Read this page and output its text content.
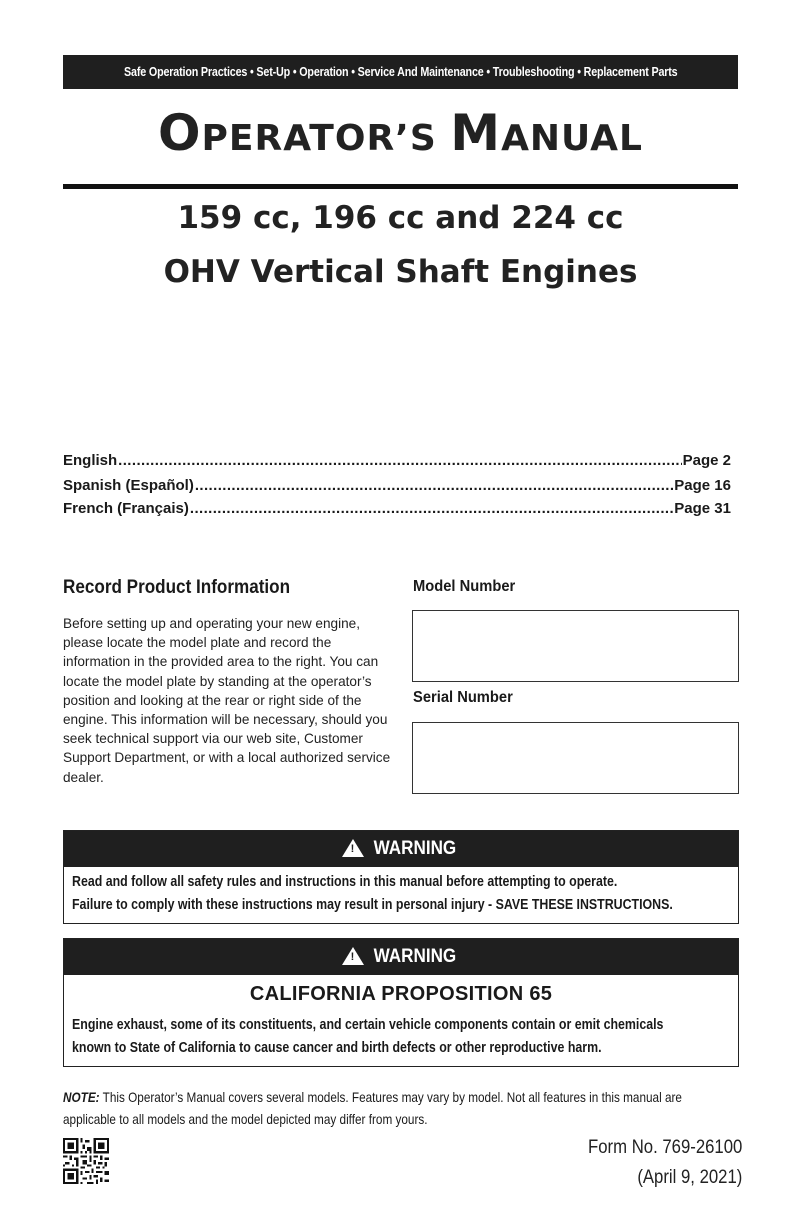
Safe Operation Practices • Set-Up • Operation • Service And Maintenance • Troubleshooting • Replacement Parts
OPERATOR’S MANUAL
159 cc, 196 cc and 224 cc
OHV Vertical Shaft Engines
English .....	Page 2
Spanish (Español) .....	Page 16
French (Français) .....	Page 31
Record Product Information
Before setting up and operating your new engine, please locate the model plate and record the information in the provided area to the right. You can locate the model plate by standing at the operator’s position and looking at the rear or right side of the engine. This information will be necessary, should you seek technical support via our web site, Customer Support Department, or with a local authorized service dealer.
Model Number
Serial Number
! WARNING
Read and follow all safety rules and instructions in this manual before attempting to operate.
Failure to comply with these instructions may result in personal injury - SAVE THESE INSTRUCTIONS.
! WARNING
CALIFORNIA PROPOSITION 65
Engine exhaust, some of its constituents, and certain vehicle components contain or emit chemicals
known to State of California to cause cancer and birth defects or other reproductive harm.
NOTE: This Operator’s Manual covers several models. Features may vary by model. Not all features in this manual are
applicable to all models and the model depicted may differ from yours.
Form No. 769-26100
(April 9, 2021)
